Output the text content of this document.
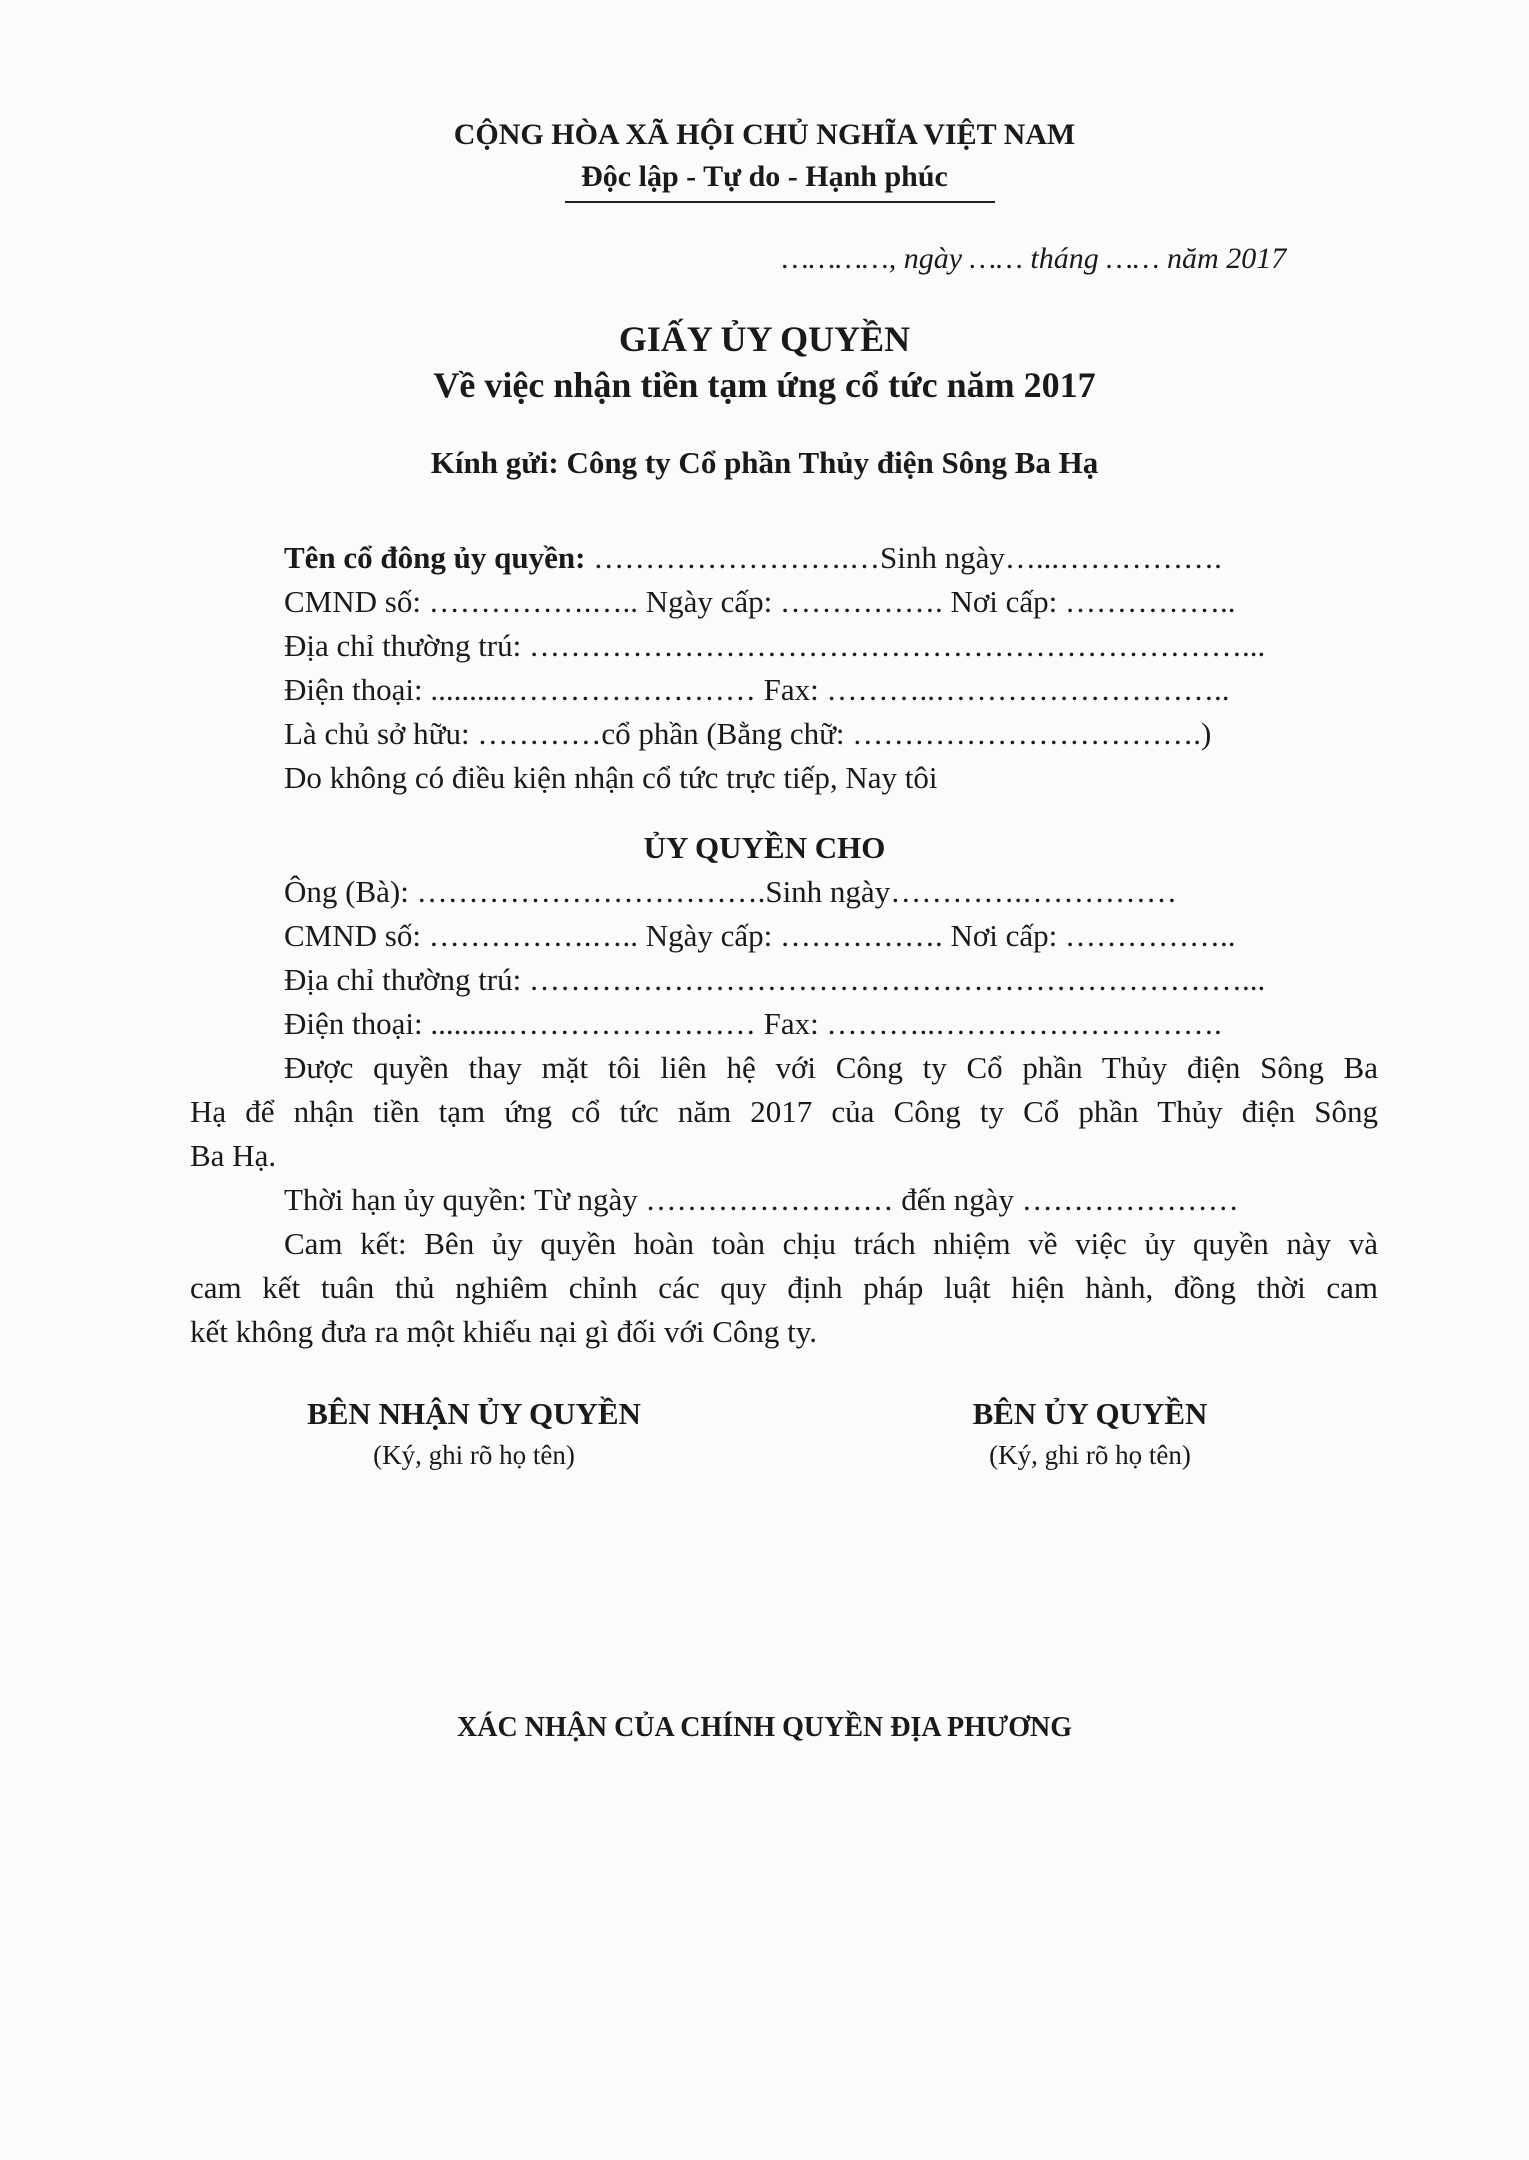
CỘNG HÒA XÃ HỘI CHỦ NGHĨA VIỆT NAM
Độc lập - Tự do - Hạnh phúc
…………, ngày …… tháng …… năm 2017
GIẤY ỦY QUYỀN
Về việc nhận tiền tạm ứng cổ tức năm 2017
Kính gửi: Công ty Cổ phần Thủy điện Sông Ba Hạ
Tên cổ đông ủy quyền: …………………….…Sinh ngày…...…………….
CMND số: …………….….. Ngày cấp: ……………. Nơi cấp: ……………..
Địa chỉ thường trú: ……………………………………………………………...
Điện thoại: ..........…………………… Fax: ………..………………………..
Là chủ sở hữu: …………cổ phần (Bằng chữ: …………………………….)
Do không có điều kiện nhận cổ tức trực tiếp, Nay tôi
ỦY QUYỀN CHO
Ông (Bà): …………………………….Sinh ngày………….……………
CMND số: …………….….. Ngày cấp: ……………. Nơi cấp: ……………..
Địa chỉ thường trú: ……………………………………………………………...
Điện thoại: ..........…………………… Fax: ………..……………………….
Được quyền thay mặt tôi liên hệ với Công ty Cổ phần Thủy điện Sông Ba
Hạ để nhận tiền tạm ứng cổ tức năm 2017 của Công ty Cổ phần Thủy điện Sông
Ba Hạ.
Thời hạn ủy quyền: Từ ngày …………………… đến ngày …………………
Cam kết: Bên ủy quyền hoàn toàn chịu trách nhiệm về việc ủy quyền này và
cam kết tuân thủ nghiêm chỉnh các quy định pháp luật hiện hành, đồng thời cam
kết không đưa ra một khiếu nại gì đối với Công ty.
BÊN NHẬN ỦY QUYỀN
(Ký, ghi rõ họ tên)
BÊN ỦY QUYỀN
(Ký, ghi rõ họ tên)
XÁC NHẬN CỦA CHÍNH QUYỀN ĐỊA PHƯƠNG
